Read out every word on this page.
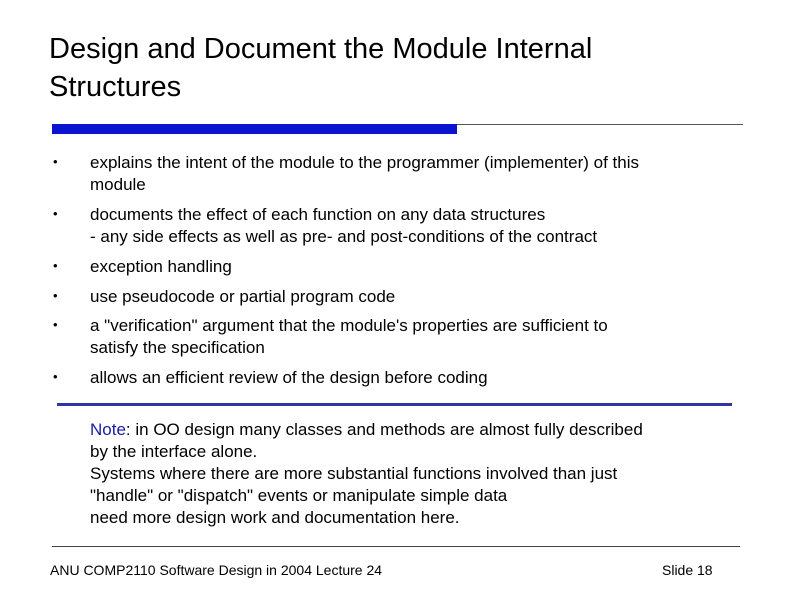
Design and Document the Module Internal
Structures
• explains the intent of the module to the programmer (implementer) of this
module
• documents the effect of each function on any data structures
- any side effects as well as pre- and post-conditions of the contract
• exception handling
• use pseudocode or partial program code
• a "verification" argument that the module's properties are sufficient to
satisfy the specification
• allows an efficient review of the design before coding
Note: in OO design many classes and methods are almost fully described
by the interface alone.
Systems where there are more substantial functions involved than just
"handle" or "dispatch" events or manipulate simple data
need more design work and documentation here.
ANU COMP2110 Software Design in 2004 Lecture 24	Slide 18
